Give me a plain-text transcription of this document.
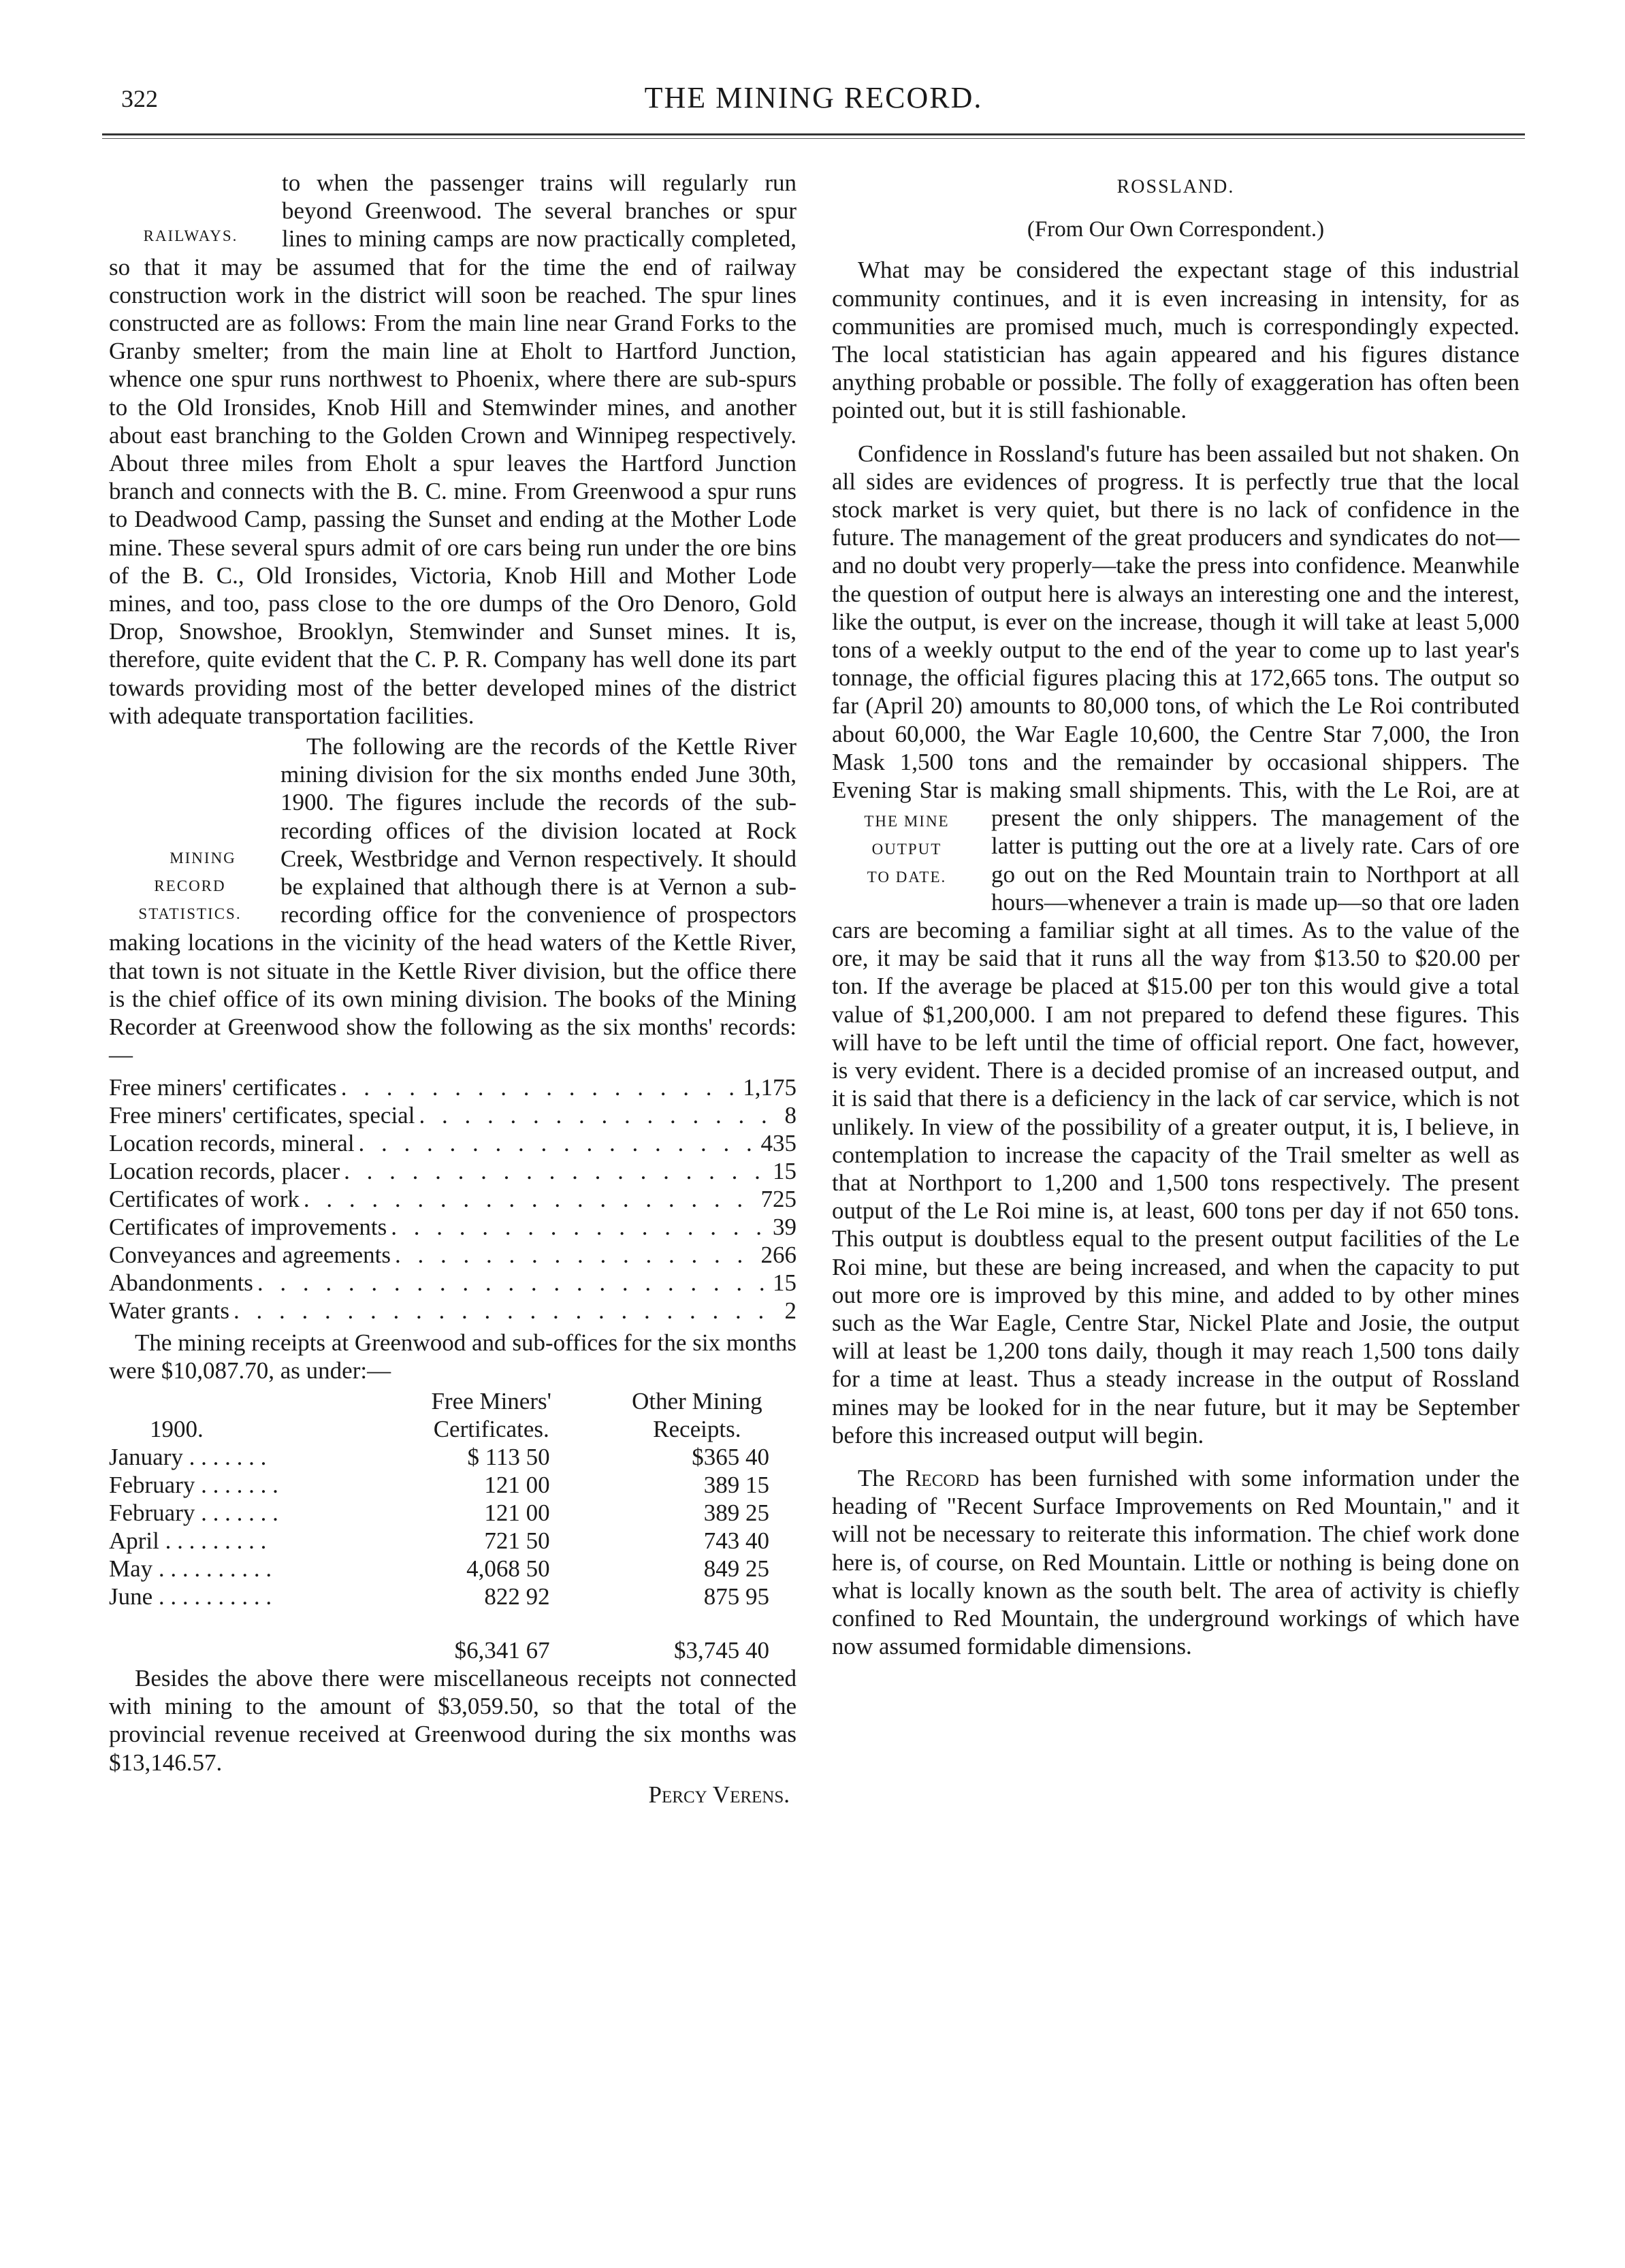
322	THE MINING RECORD.
RAILWAYS.

to when the passenger trains will regularly run beyond Greenwood. The several branches or spur lines to mining camps are now practically completed, so that it may be assumed that for the time the end of railway construction work in the district will soon be reached. The spur lines constructed are as follows: From the main line near Grand Forks to the Granby smelter; from the main line at Eholt to Hartford Junction, whence one spur runs northwest to Phoenix, where there are sub-spurs to the Old Ironsides, Knob Hill and Stemwinder mines, and another about east branching to the Golden Crown and Winnipeg respectively. About three miles from Eholt a spur leaves the Hartford Junction branch and connects with the B. C. mine. From Greenwood a spur runs to Deadwood Camp, passing the Sunset and ending at the Mother Lode mine. These several spurs admit of ore cars being run under the ore bins of the B. C., Old Ironsides, Victoria, Knob Hill and Mother Lode mines, and too, pass close to the ore dumps of the Oro Denoro, Gold Drop, Snowshoe, Brooklyn, Stemwinder and Sunset mines. It is, therefore, quite evident that the C. P. R. Company has well done its part towards providing most of the better developed mines of the district with adequate transportation facilities.

MINING
RECORD
STATISTICS.
The following are the records of the Kettle River mining division for the six months ended June 30th, 1900. The figures include the records of the sub-recording offices of the division located at Rock Creek, Westbridge and Vernon respectively. It should be explained that although there is at Vernon a sub-recording office for the convenience of prospectors making locations in the vicinity of the head waters of the Kettle River, that town is not situate in the Kettle River division, but the office there is the chief office of its own mining division. The books of the Mining Recorder at Greenwood show the following as the six months' records:—

Free miners' certificates . . .	1,175
Free miners' certificates, special . . .	8
Location records, mineral . . .	435
Location records, placer . . .	15
Certificates of work . . .	725
Certificates of improvements . . .	39
Conveyances and agreements . . .	266
Abandonments . . .	15
Water grants . . .	2

The mining receipts at Greenwood and sub-offices for the six months were $10,087.70, as under:—

	Free Miners'	Other Mining
1900.	Certificates.	Receipts.
January . . . . . . .	$ 113 50	$365 40
February . . . . . . .	121 00	389 15
February . . . . . . .	121 00	389 25
April . . . . . . . . .	721 50	743 40
May . . . . . . . . . .	4,068 50	849 25
June . . . . . . . . . .	822 92	875 95
	$6,341 67	$3,745 40

Besides the above there were miscellaneous receipts not connected with mining to the amount of $3,059.50, so that the total of the provincial revenue received at Greenwood during the six months was $13,146.57.

Percy Verens.
ROSSLAND.
(From Our Own Correspondent.)

What may be considered the expectant stage of this industrial community continues, and it is even increasing in intensity, for as communities are promised much, much is correspondingly expected. The local statistician has again appeared and his figures distance anything probable or possible. The folly of exaggeration has often been pointed out, but it is still fashionable.

THE MINE
OUTPUT
TO DATE.

Confidence in Rossland's future has been assailed but not shaken. On all sides are evidences of progress. It is perfectly true that the local stock market is very quiet, but there is no lack of confidence in the future. The management of the great producers and syndicates do not—and no doubt very properly—take the press into confidence. Meanwhile the question of output here is always an interesting one and the interest, like the output, is ever on the increase, though it will take at least 5,000 tons of a weekly output to the end of the year to come up to last year's tonnage, the official figures placing this at 172,665 tons. The output so far (April 20) amounts to 80,000 tons, of which the Le Roi contributed about 60,000, the War Eagle 10,600, the Centre Star 7,000, the Iron Mask 1,500 tons and the remainder by occasional shippers. The Evening Star is making small shipments. This, with the Le Roi, are at present the only shippers. The management of the latter is putting out the ore at a lively rate. Cars of ore go out on the Red Mountain train to Northport at all hours—whenever a train is made up—so that ore laden cars are becoming a familiar sight at all times. As to the value of the ore, it may be said that it runs all the way from $13.50 to $20.00 per ton. If the average be placed at $15.00 per ton this would give a total value of $1,200,000. I am not prepared to defend these figures. This will have to be left until the time of official report. One fact, however, is very evident. There is a decided promise of an increased output, and it is said that there is a deficiency in the lack of car service, which is not unlikely. In view of the possibility of a greater output, it is, I believe, in contemplation to increase the capacity of the Trail smelter as well as that at Northport to 1,200 and 1,500 tons respectively. The present output of the Le Roi mine is, at least, 600 tons per day if not 650 tons. This output is doubtless equal to the present output facilities of the Le Roi mine, but these are being increased, and when the capacity to put out more ore is improved by this mine, and added to by other mines such as the War Eagle, Centre Star, Nickel Plate and Josie, the output will at least be 1,200 tons daily, though it may reach 1,500 tons daily for a time at least. Thus a steady increase in the output of Rossland mines may be looked for in the near future, but it may be September before this increased output will begin.

The Record has been furnished with some information under the heading of "Recent Surface Improvements on Red Mountain," and it will not be necessary to reiterate this information. The chief work done here is, of course, on Red Mountain. Little or nothing is being done on what is locally known as the south belt. The area of activity is chiefly confined to Red Mountain, the underground workings of which have now assumed formidable dimensions.
